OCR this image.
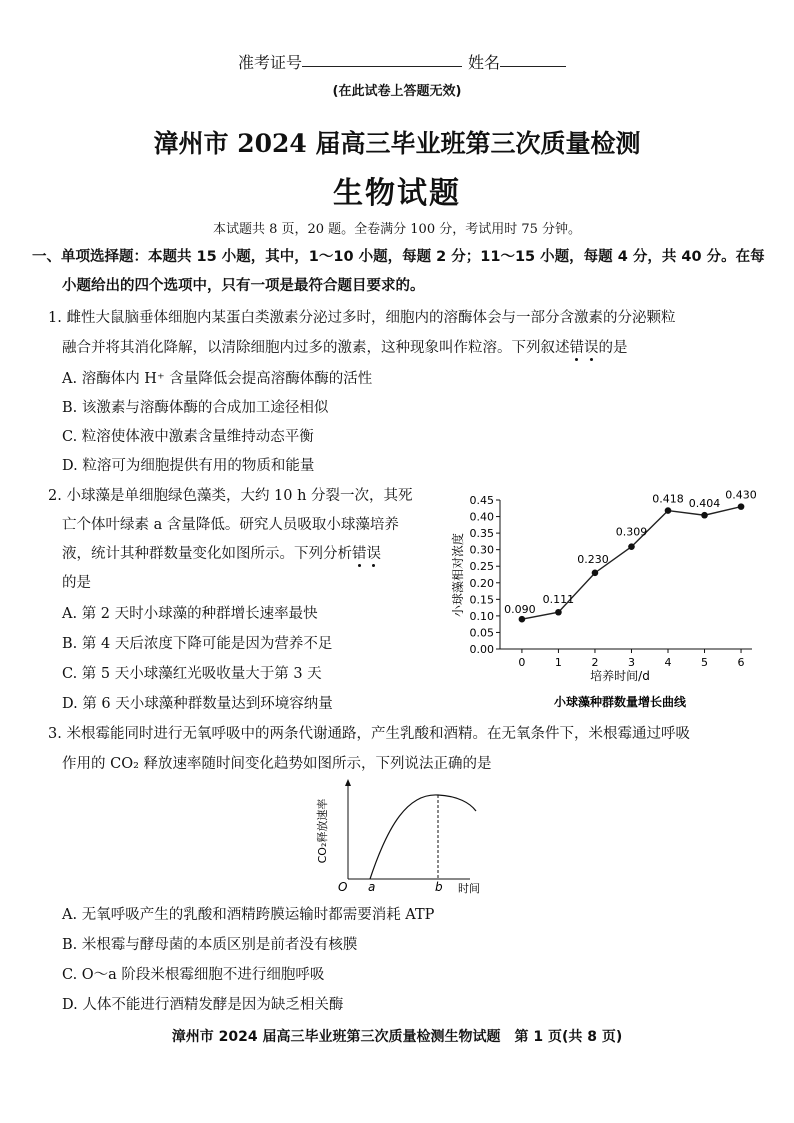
准考证号	姓名
(在此试卷上答题无效)
漳州市 2024 届高三毕业班第三次质量检测
生物试题
本试题共 8 页，20 题。全卷满分 100 分，考试用时 75 分钟。
一、单项选择题：本题共 15 小题，其中，1～10 小题，每题 2 分；11～15 小题，每题 4 分，共 40 分。在每
小题给出的四个选项中，只有一项是最符合题目要求的。
1. 雌性大鼠脑垂体细胞内某蛋白类激素分泌过多时，细胞内的溶酶体会与一部分含激素的分泌颗粒
融合并将其消化降解，以清除细胞内过多的激素，这种现象叫作粒溶。下列叙述错误的是
A. 溶酶体内 H⁺ 含量降低会提高溶酶体酶的活性
B. 该激素与溶酶体酶的合成加工途径相似
C. 粒溶使体液中激素含量维持动态平衡
D. 粒溶可为细胞提供有用的物质和能量
2. 小球藻是单细胞绿色藻类，大约 10 h 分裂一次，其死
亡个体叶绿素 a 含量降低。研究人员吸取小球藻培养
液，统计其种群数量变化如图所示。下列分析错误
的是
A. 第 2 天时小球藻的种群增长速率最快
B. 第 4 天后浓度下降可能是因为营养不足
C. 第 5 天小球藻红光吸收量大于第 3 天
D. 第 6 天小球藻种群数量达到环境容纳量
0.00
0.05
0.10
0.15
0.20
0.25
0.30
0.35
0.40
0.45
0	1	2	3	4	5	6
0.090
0.111
0.230
0.309
0.418 0.404
0.430
小球藻相对浓度
培养时间/d
小球藻种群数量增长曲线
3. 米根霉能同时进行无氧呼吸中的两条代谢通路，产生乳酸和酒精。在无氧条件下，米根霉通过呼吸
作用的 CO₂ 释放速率随时间变化趋势如图所示，下列说法正确的是
CO₂释放速率
O a	b 时间
A. 无氧呼吸产生的乳酸和酒精跨膜运输时都需要消耗 ATP
B. 米根霉与酵母菌的本质区别是前者没有核膜
C. O～a 阶段米根霉细胞不进行细胞呼吸
D. 人体不能进行酒精发酵是因为缺乏相关酶
漳州市 2024 届高三毕业班第三次质量检测生物试题　第 1 页(共 8 页)
